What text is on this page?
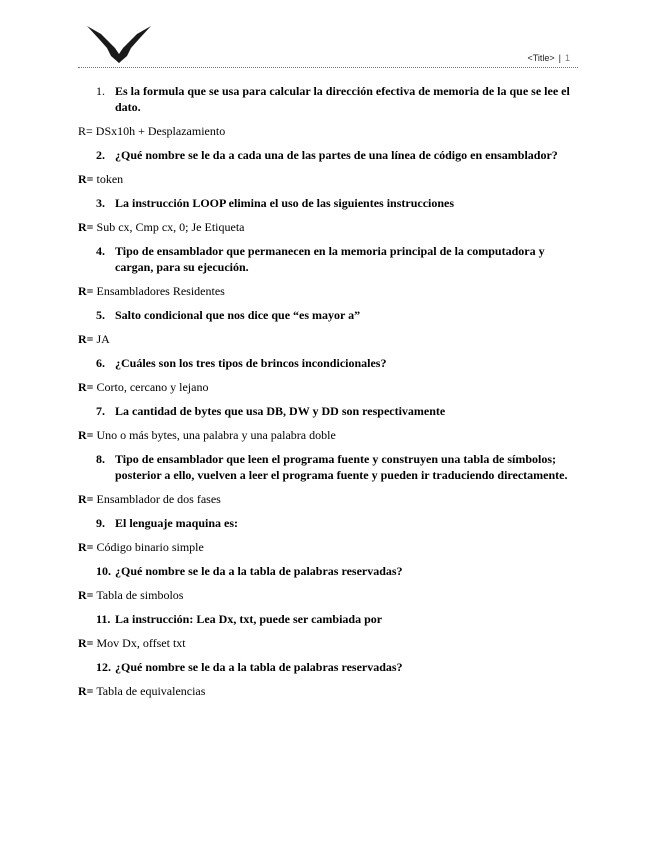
<Title> | 1
1. Es la formula que se usa para calcular la dirección efectiva de memoria de la que se lee el dato.
R= DSx10h + Desplazamiento
2. ¿Qué nombre se le da a cada una de las partes de una línea de código en ensamblador?
R= token
3. La instrucción LOOP elimina el uso de las siguientes instrucciones
R= Sub cx, Cmp cx, 0; Je Etiqueta
4. Tipo de ensamblador que permanecen en la memoria principal de la computadora y cargan, para su ejecución.
R= Ensambladores Residentes
5. Salto condicional que nos dice que “es mayor a”
R= JA
6. ¿Cuáles son los tres tipos de brincos incondicionales?
R= Corto, cercano y lejano
7. La cantidad de bytes que usa DB, DW y DD son respectivamente
R= Uno o más bytes, una palabra y una palabra doble
8. Tipo de ensamblador que leen el programa fuente y construyen una tabla de símbolos; posterior a ello, vuelven a leer el programa fuente y pueden ir traduciendo directamente.
R= Ensamblador de dos fases
9. El lenguaje maquina es:
R= Código binario simple
10. ¿Qué nombre se le da a la tabla de palabras reservadas?
R= Tabla de simbolos
11. La instrucción: Lea Dx, txt, puede ser cambiada por
R= Mov Dx, offset txt
12. ¿Qué nombre se le da a la tabla de palabras reservadas?
R= Tabla de equivalencias
